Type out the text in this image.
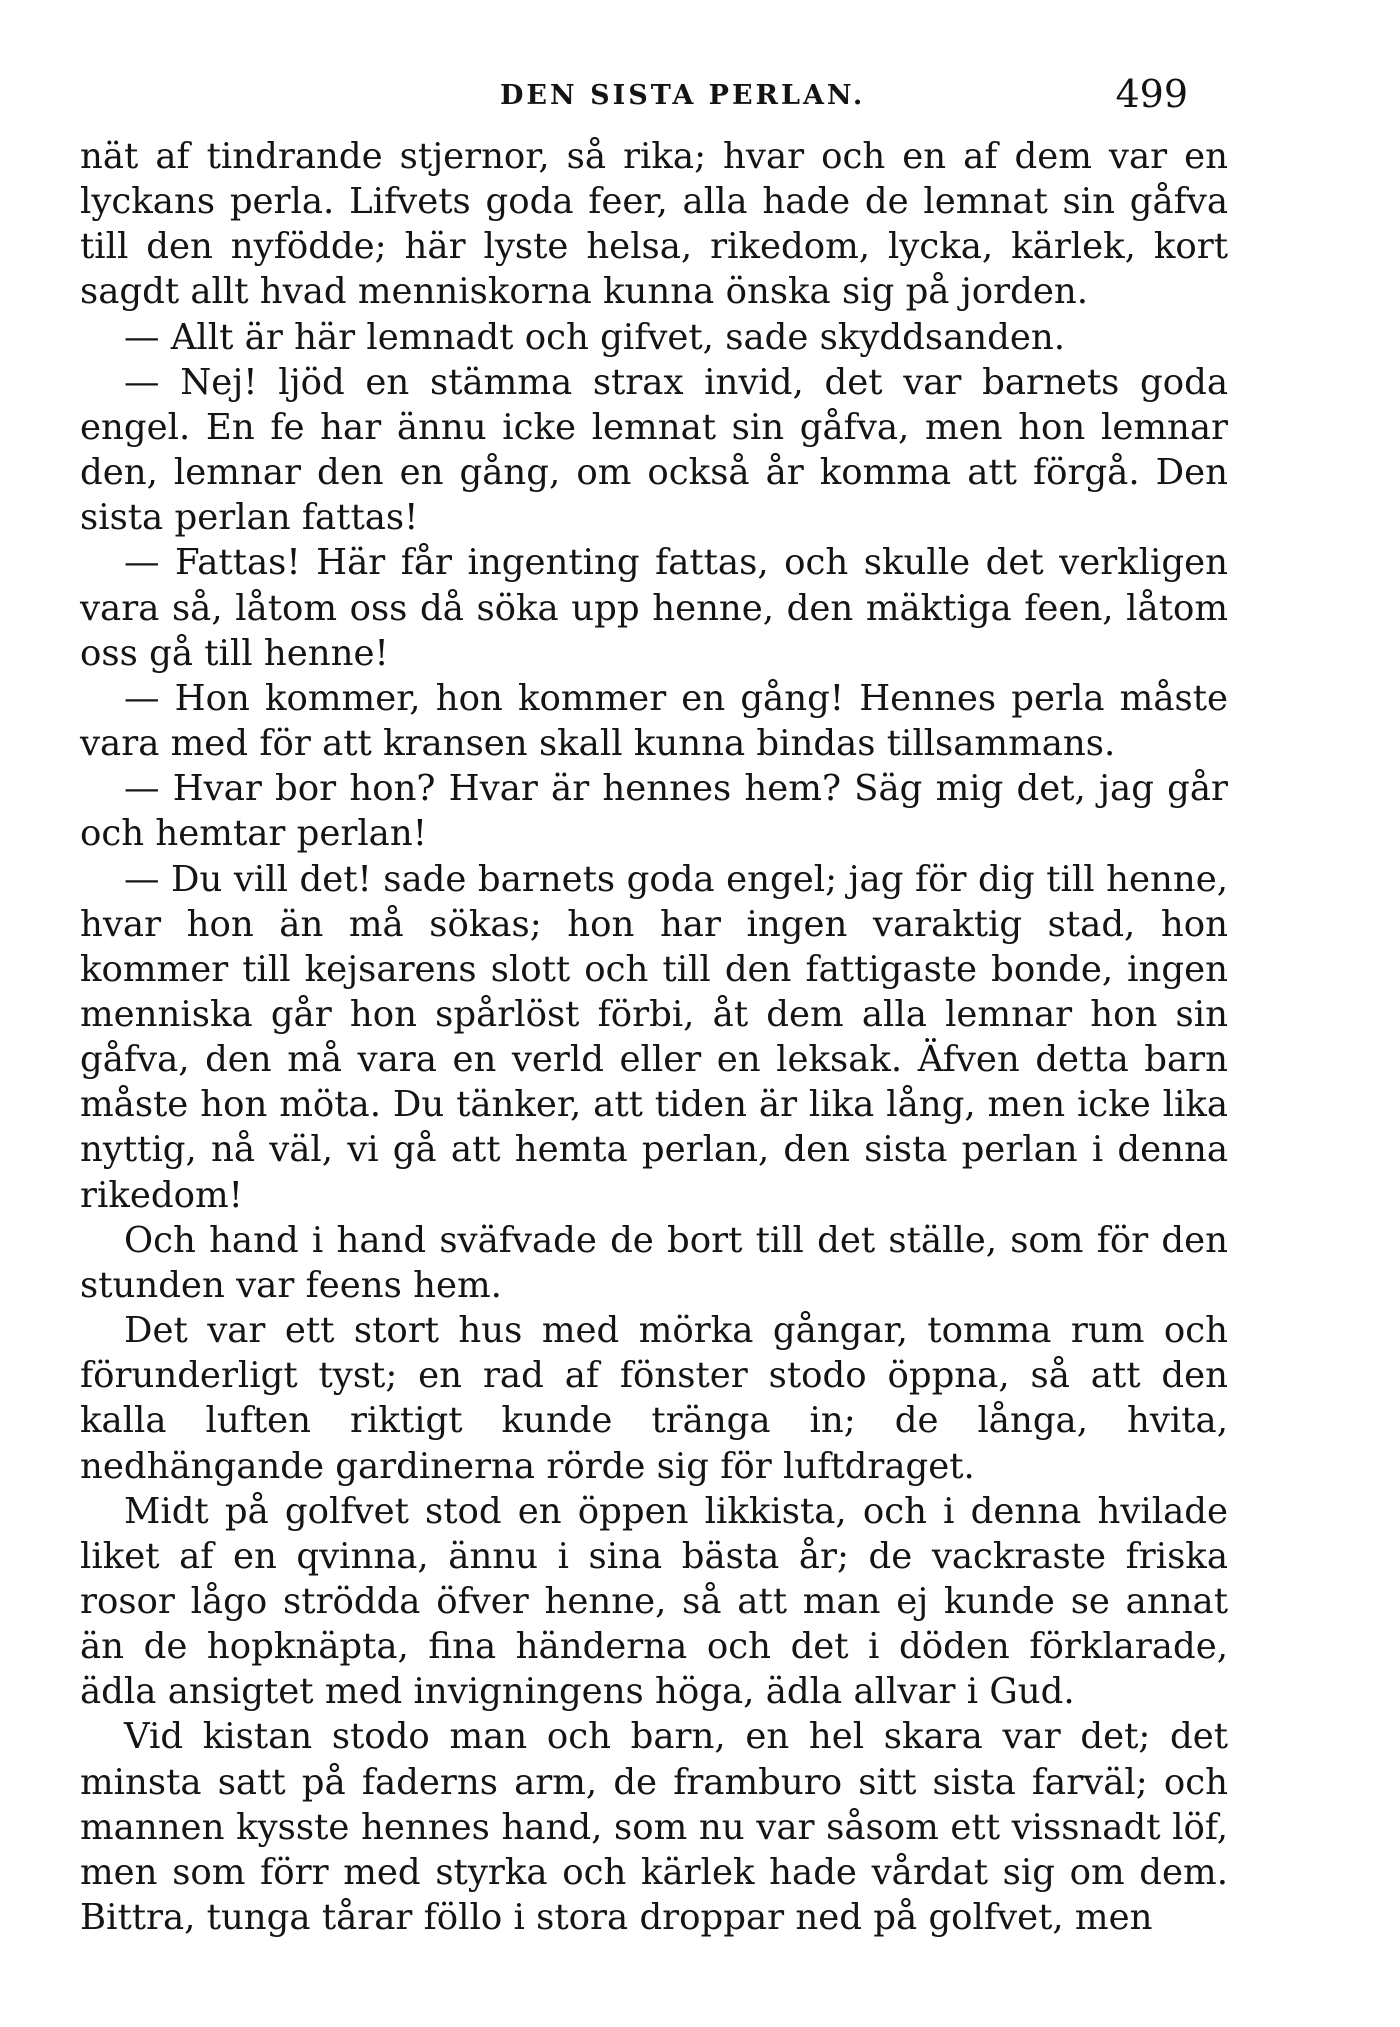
DEN SISTA PERLAN.	499

nät af tindrande stjernor, så rika; hvar och en af dem var en lyckans perla. Lifvets goda feer, alla hade de lemnat sin gåfva till den nyfödde; här lyste helsa, rikedom, lycka, kärlek, kort sagdt allt hvad menniskorna kunna önska sig på jorden.

— Allt är här lemnadt och gifvet, sade skyddsanden.

— Nej! ljöd en stämma strax invid, det var barnets goda engel. En fe har ännu icke lemnat sin gåfva, men hon lemnar den, lemnar den en gång, om också år komma att förgå. Den sista perlan fattas!

— Fattas! Här får ingenting fattas, och skulle det verkligen vara så, låtom oss då söka upp henne, den mäktiga feen, låtom oss gå till henne!

— Hon kommer, hon kommer en gång! Hennes perla måste vara med för att kransen skall kunna bindas tillsammans.

— Hvar bor hon? Hvar är hennes hem? Säg mig det, jag går och hemtar perlan!

— Du vill det! sade barnets goda engel; jag för dig till henne, hvar hon än må sökas; hon har ingen varaktig stad, hon kommer till kejsarens slott och till den fattigaste bonde, ingen menniska går hon spårlöst förbi, åt dem alla lemnar hon sin gåfva, den må vara en verld eller en leksak. Äfven detta barn måste hon möta. Du tänker, att tiden är lika lång, men icke lika nyttig, nå väl, vi gå att hemta perlan, den sista perlan i denna rikedom!

Och hand i hand sväfvade de bort till det ställe, som för den stunden var feens hem.

Det var ett stort hus med mörka gångar, tomma rum och förunderligt tyst; en rad af fönster stodo öppna, så att den kalla luften riktigt kunde tränga in; de långa, hvita, nedhängande gardinerna rörde sig för luftdraget.

Midt på golfvet stod en öppen likkista, och i denna hvilade liket af en qvinna, ännu i sina bästa år; de vackraste friska rosor lågo strödda öfver henne, så att man ej kunde se annat än de hopknäpta, fina händerna och det i döden förklarade, ädla ansigtet med invigningens höga, ädla allvar i Gud.

Vid kistan stodo man och barn, en hel skara var det; det minsta satt på faderns arm, de framburo sitt sista farväl; och mannen kysste hennes hand, som nu var såsom ett vissnadt löf, men som förr med styrka och kärlek hade vårdat sig om dem. Bittra, tunga tårar föllo i stora droppar ned på golfvet, men
